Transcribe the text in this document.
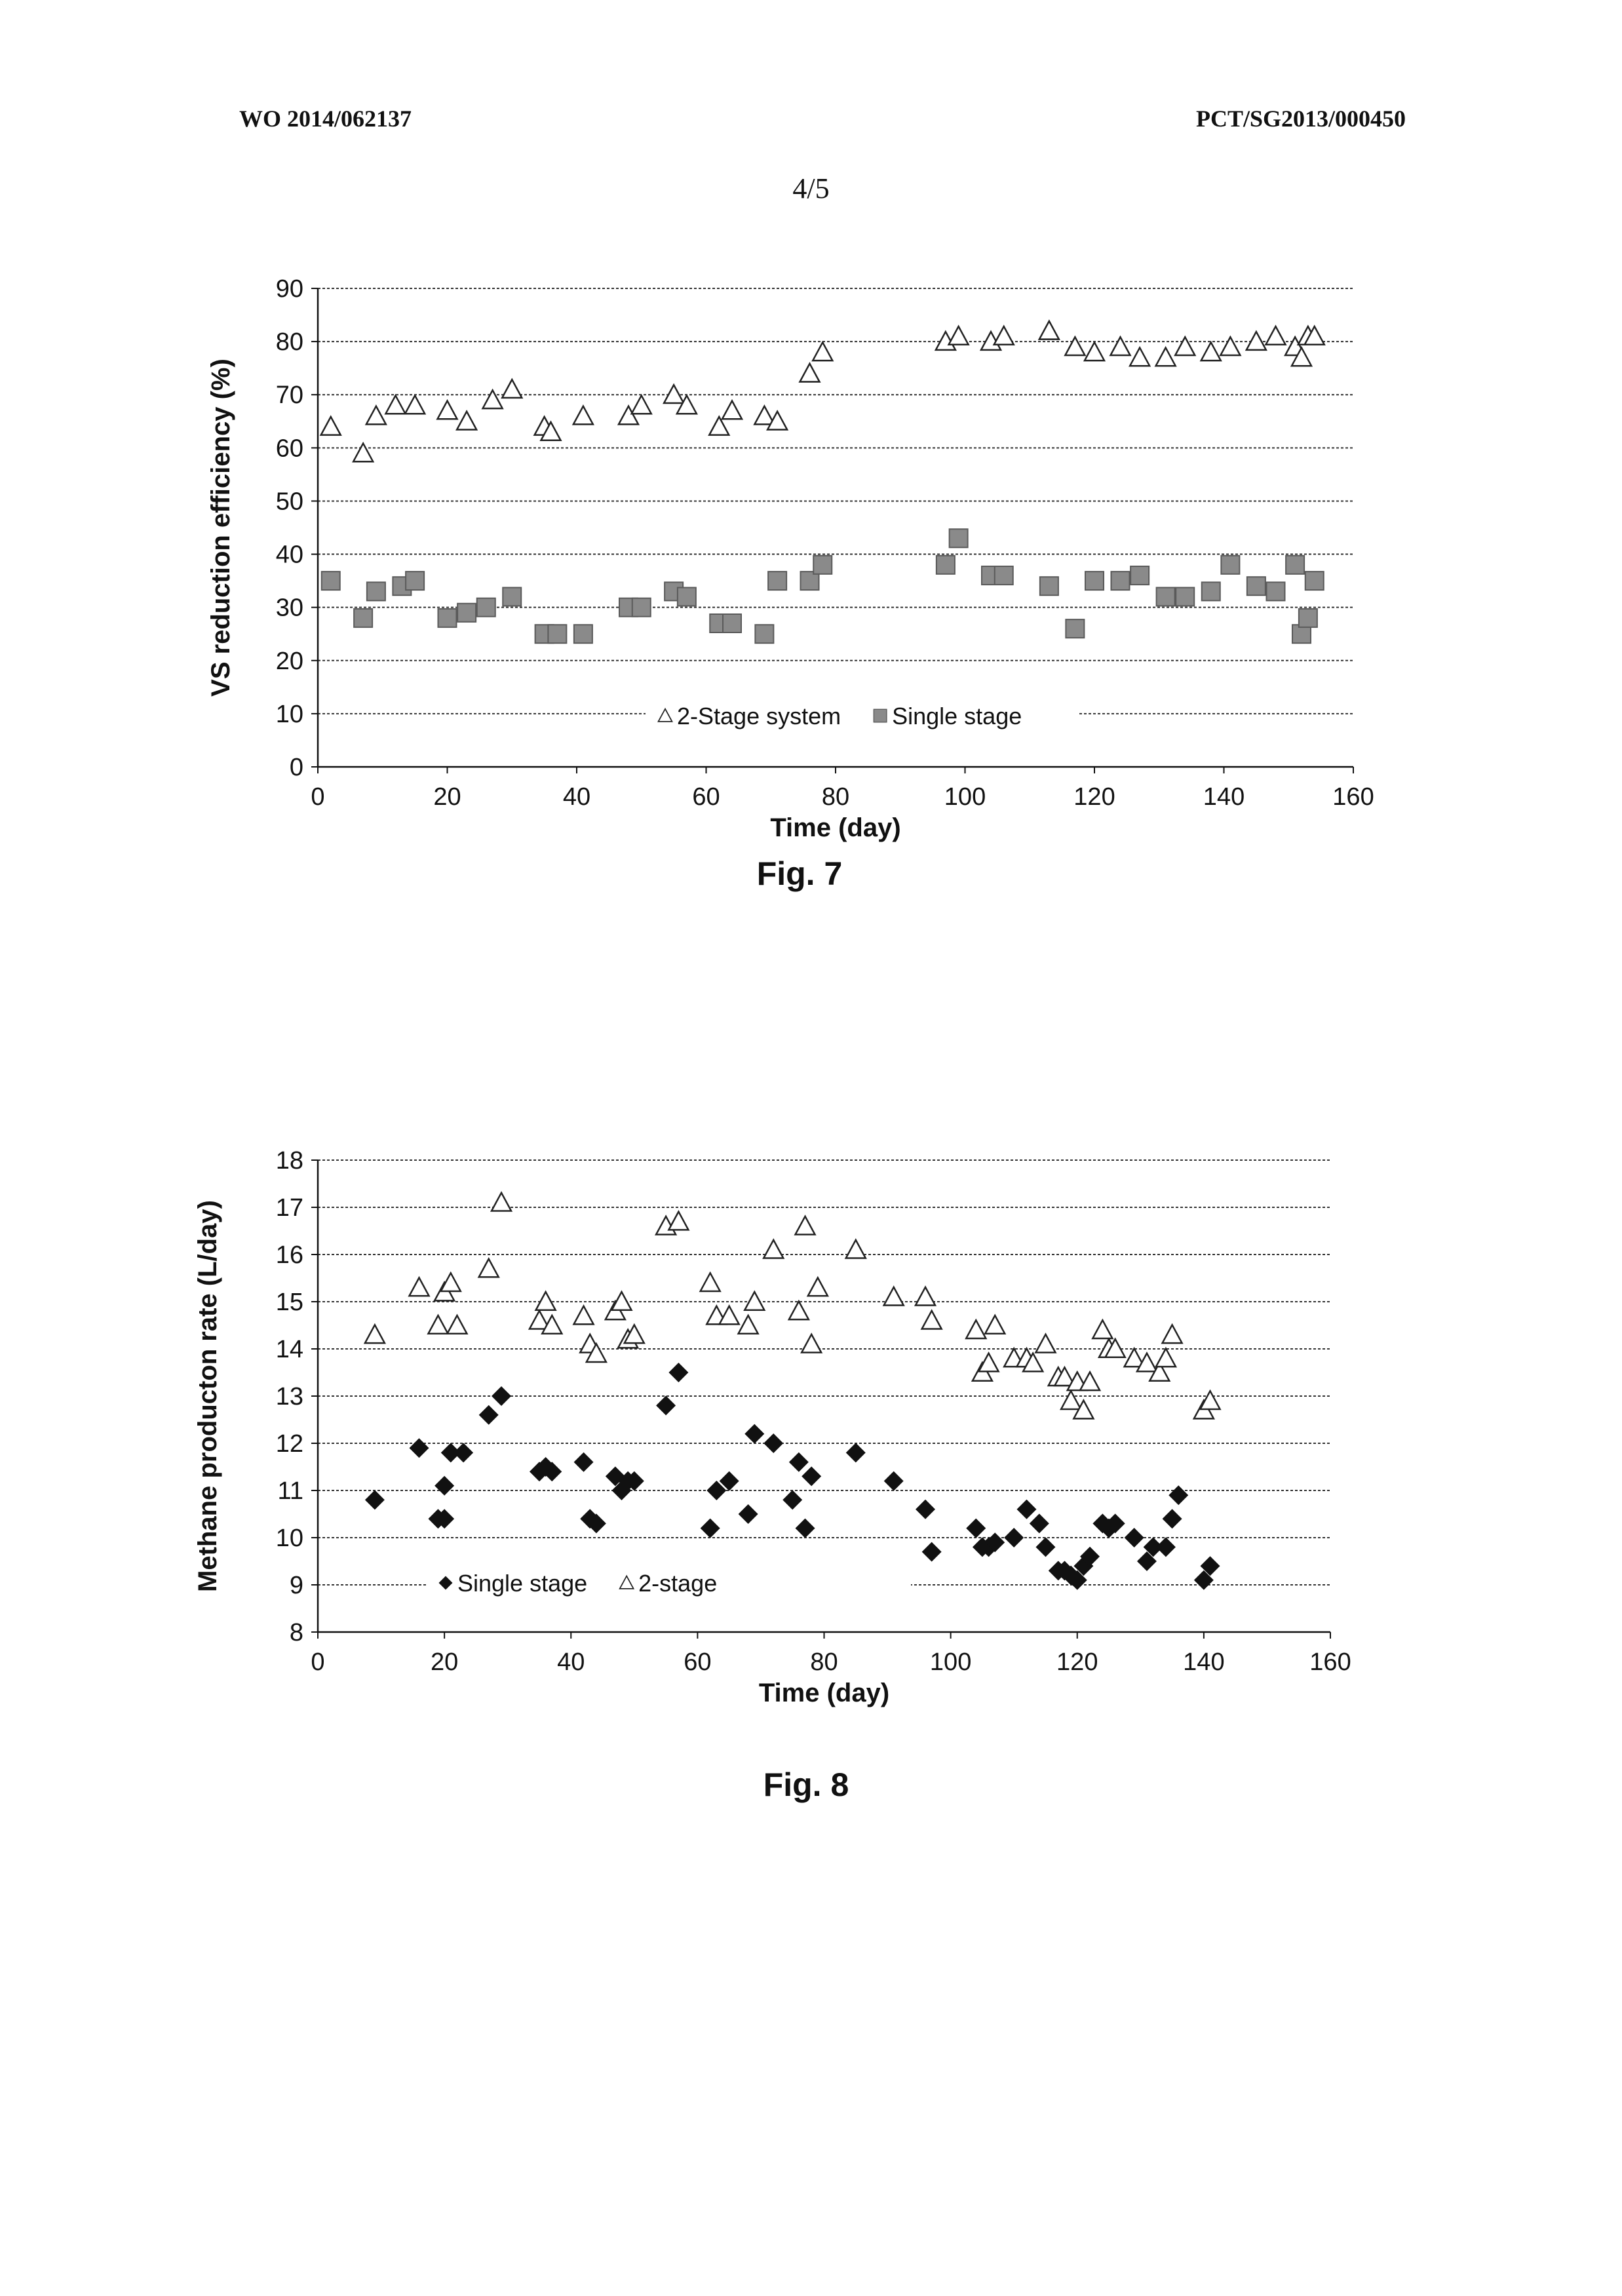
WO 2014/062137	PCT/SG2013/000450
4/5
0
10
20
30
40
50
60
70
80
90
0	20	40	60	80	100	120	140	160
Time (day)
VS reduction efficiency (%)
2-Stage system Single stage
Fig. 7
8
9
10
11
12
13
14
15
16
17
18
0	20	40	60	80	100	120	140	160
Time (day)
Methane producton rate (L/day)	Single stage 2-stage
Fig. 8
